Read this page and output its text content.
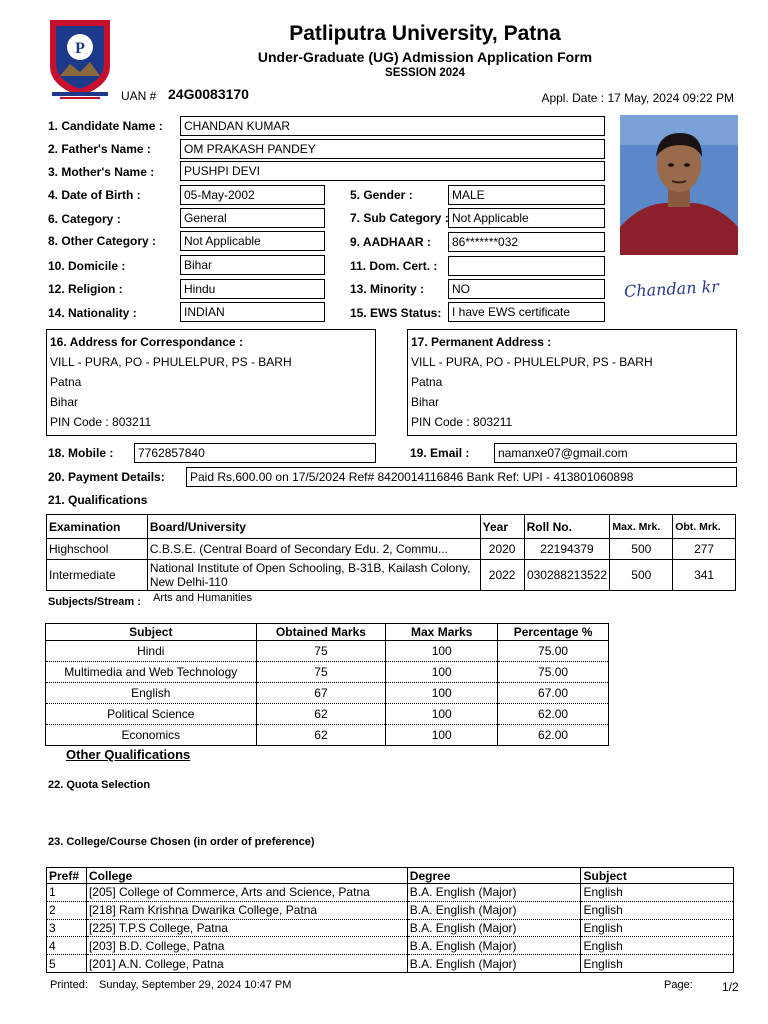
P
Patliputra University, Patna
Under-Graduate (UG) Admission Application Form
SESSION 2024
UAN # 24G0083170	Appl. Date : 17 May, 2024 09:22 PM
1. Candidate Name :	CHANDAN KUMAR
2. Father's Name :	OM PRAKASH PANDEY
3. Mother's Name :	PUSHPI DEVI
4. Date of Birth :	05-May-2002	5. Gender :	MALE
6. Category :	General	7. Sub Category : Not Applicable
8. Other Category :	Not Applicable	9. AADHAAR :	86*******032
10. Domicile :	Bihar	11. Dom. Cert. :
12. Religion :	Hindu	13. Minority :	NO
14. Nationality :	INDIAN	15. EWS Status: I have EWS certificate
Chandan kr
16. Address for Correspondance :
VILL - PURA, PO - PHULELPUR, PS - BARH
Patna
Bihar
PIN Code : 803211
17. Permanent Address :
VILL - PURA, PO - PHULELPUR, PS - BARH
Patna
Bihar
PIN Code : 803211
18. Mobile :	7762857840	19. Email :	namanxe07@gmail.com
20. Payment Details:	Paid Rs.600.00 on 17/5/2024 Ref# 8420014116846 Bank Ref: UPI - 413801060898
21. Qualifications
Examination	Board/University	Year	Roll No.	Max. Mrk.	Obt. Mrk.
Highschool	C.B.S.E. (Central Board of Secondary Edu. 2, Commu...	2020	22194379	500	277
Intermediate	National Institute of Open Schooling, B-31B, Kailash Colony, New Delhi-110	2022	030288213522	500	341
Subjects/Stream : Arts and Humanities
Subject	Obtained Marks	Max Marks	Percentage %
Hindi	75	100	75.00
Multimedia and Web Technology	75	100	75.00
English	67	100	67.00
Political Science	62	100	62.00
Economics	62	100	62.00
Other Qualifications
22. Quota Selection
23. College/Course Chosen (in order of preference)
Pref#	College	Degree	Subject
1	[205] College of Commerce, Arts and Science, Patna	B.A. English (Major)	English
2	[218] Ram Krishna Dwarika College, Patna	B.A. English (Major)	English
3	[225] T.P.S College, Patna	B.A. English (Major)	English
4	[203] B.D. College, Patna	B.A. English (Major)	English
5	[201] A.N. College, Patna	B.A. English (Major)	English
Printed: Sunday, September 29, 2024 10:47 PM	Page: 1/2
